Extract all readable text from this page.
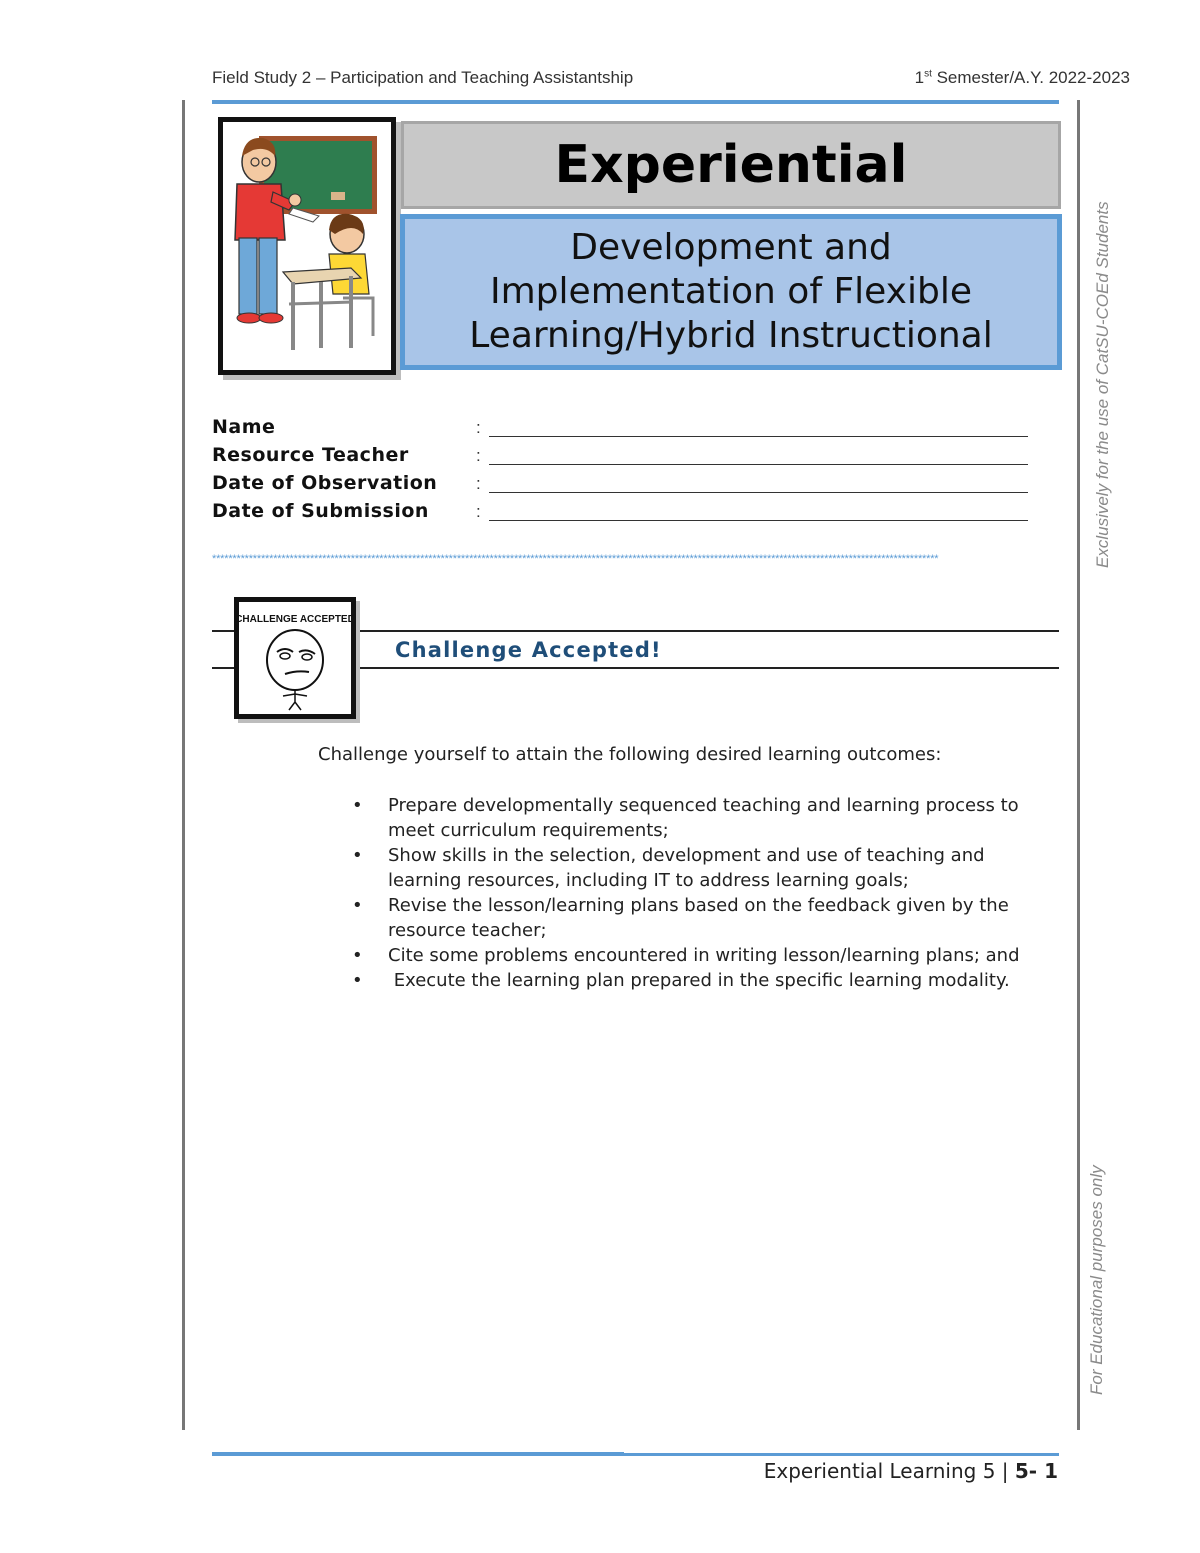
Field Study 2 – Participation and Teaching Assistantship	1st Semester/A.Y. 2022-2023
Exclusively for the use of CatSU-COEd Students
For Educational purposes only
Experiential
Development and
Implementation of Flexible
Learning/Hybrid Instructional
Name	:
Resource Teacher	:
Date of Observation :
Date of Submission	:
**********************************************************************************************************************************************************************************
CHALLENGE ACCEPTED
Challenge Accepted!
Challenge yourself to attain the following desired learning outcomes:
• Prepare developmentally sequenced teaching and learning process to meet curriculum requirements;
• Show skills in the selection, development and use of teaching and learning resources, including IT to address learning goals;
• Revise the lesson/learning plans based on the feedback given by the resource teacher;
• Cite some problems encountered in writing lesson/learning plans; and
• Execute the learning plan prepared in the specific learning modality.
Experiential Learning 5 | 5- 1
